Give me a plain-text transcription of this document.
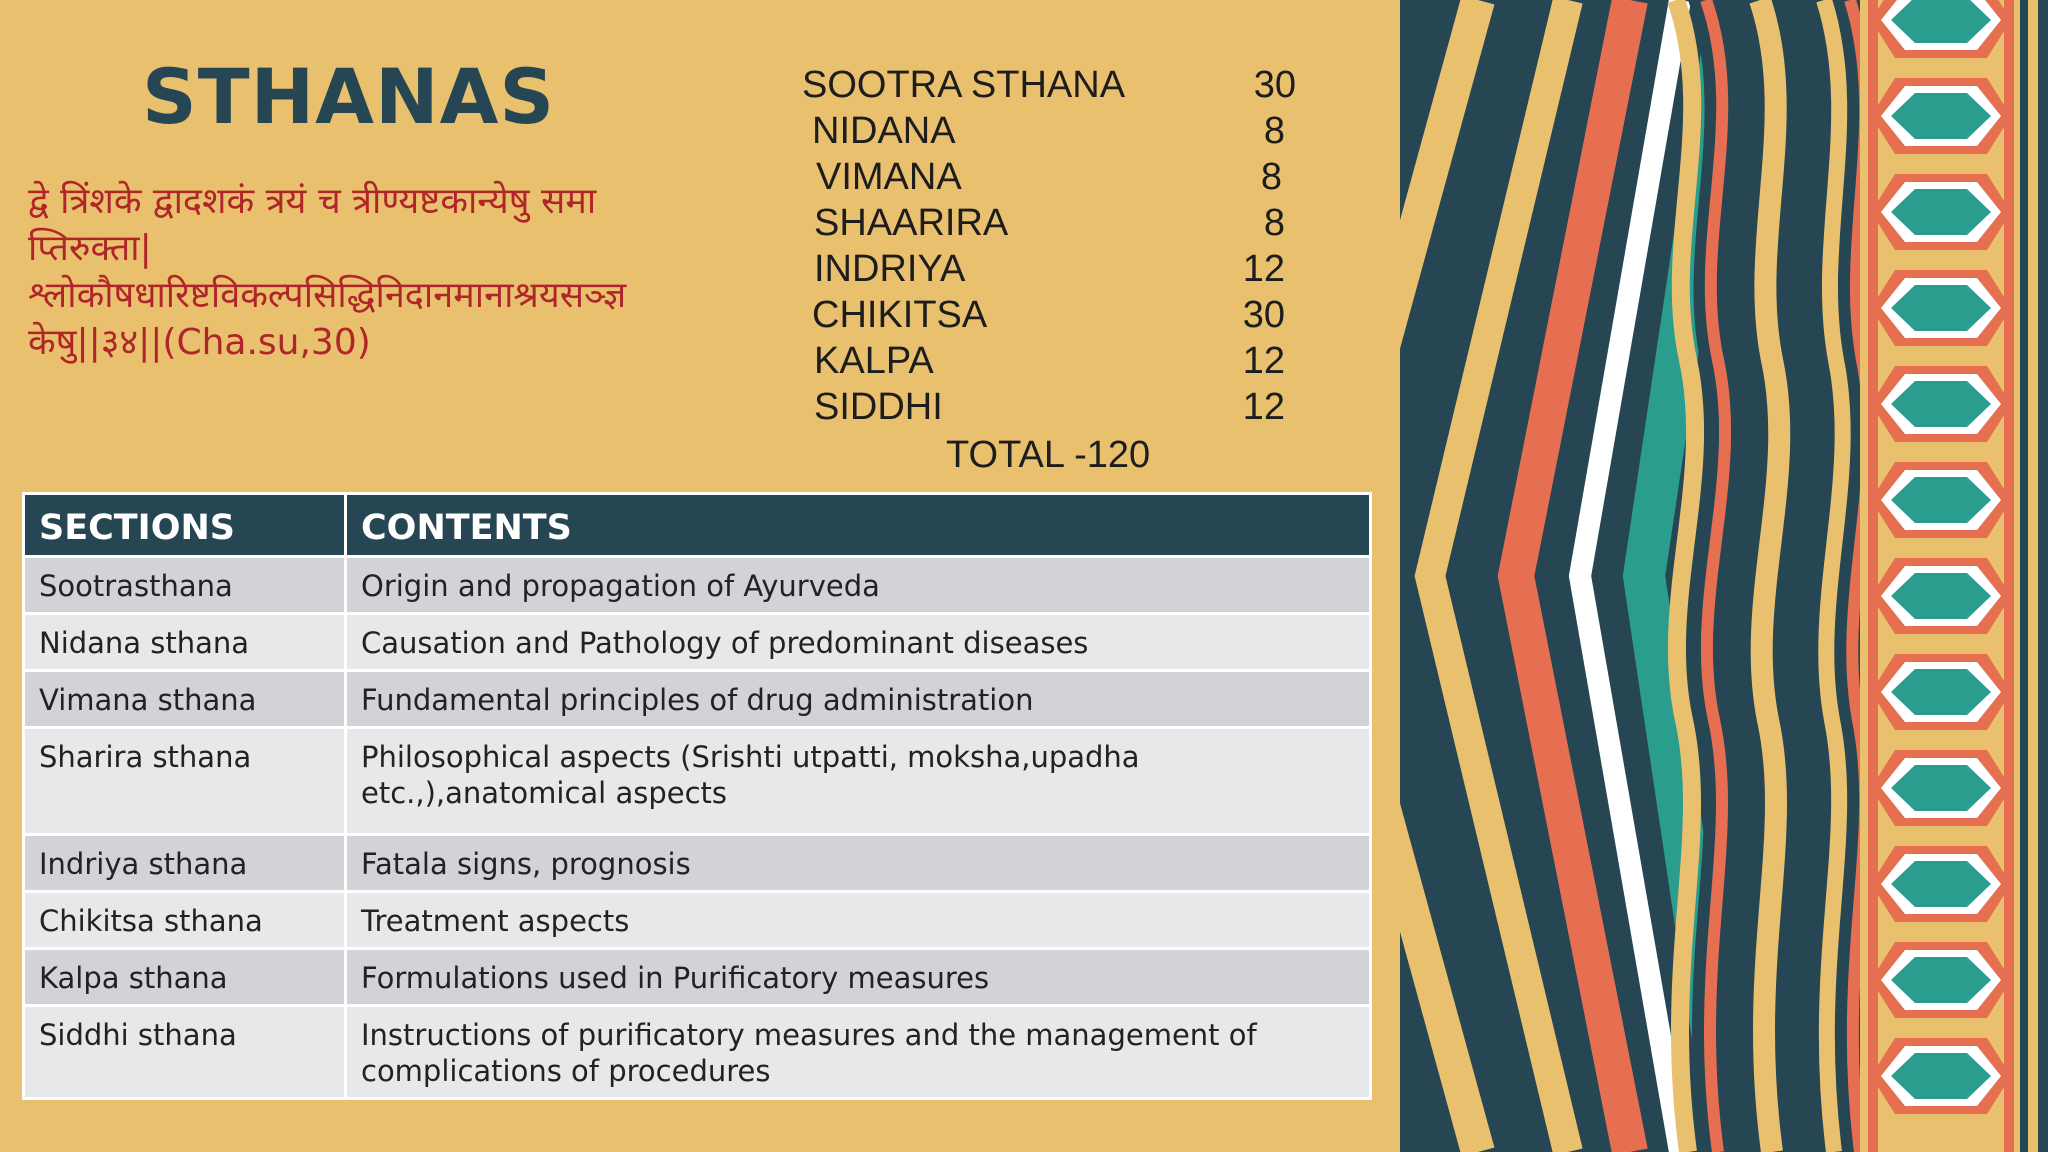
STHANAS
द्वे त्रिंशके द्वादशकं त्रयं च त्रीण्यष्टकान्येषु समा
प्तिरुक्ता|
श्लोकौषधारिष्टविकल्पसिद्धिनिदानमानाश्रयसञ्ज्ञ
केषु||३४||(Cha.su,30)
SOOTRA STHANA	30
NIDANA	8
VIMANA	8
SHAARIRA	8
INDRIYA	12
CHIKITSA	30
KALPA	12
SIDDHI	12
TOTAL -120
SECTIONS	CONTENTS
Sootrasthana	Origin and propagation of Ayurveda
Nidana sthana	Causation and Pathology of predominant diseases
Vimana sthana	Fundamental principles of drug administration
Sharira sthana	Philosophical aspects (Srishti utpatti, moksha,upadha etc.,),anatomical aspects
Indriya sthana	Fatala signs, prognosis
Chikitsa sthana	Treatment aspects
Kalpa sthana	Formulations used in Purificatory measures
Siddhi sthana	Instructions of purificatory measures and the management of complications of procedures
